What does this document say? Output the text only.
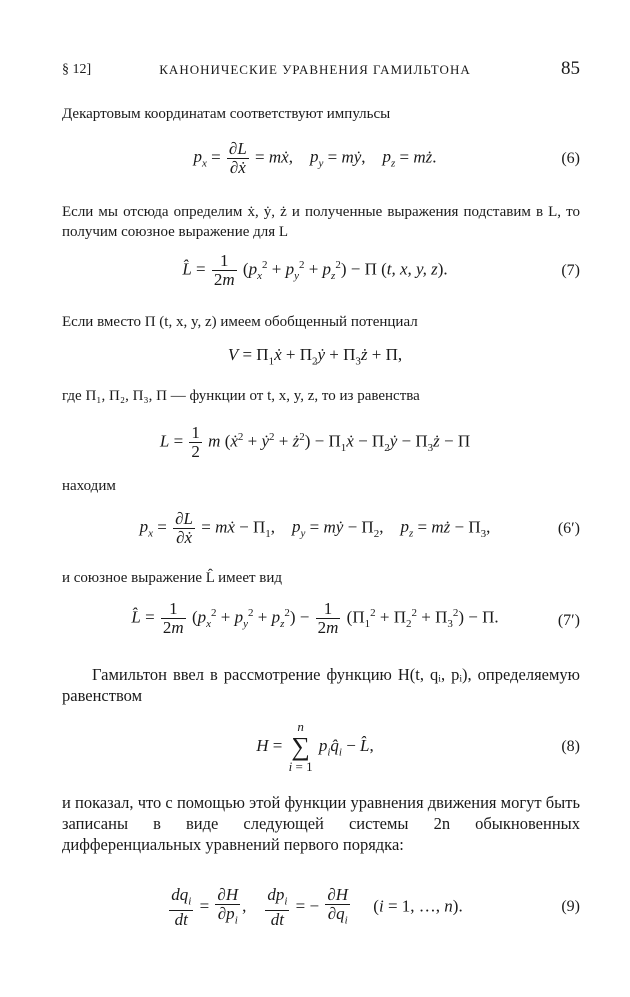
§ 12]	КАНОНИЧЕСКИЕ УРАВНЕНИЯ ГАМИЛЬТОНА	85
Декартовым координатам соответствуют импульсы
$p_x = \frac{\partial L}{\text{∂ẋ}}$ = mẋ,    $p_y$ = mẏ,    $p_z$ = mż.	(6)
Если мы отсюда определим ẋ, ẏ, ż и полученные выражения подставим в L, то получим союзное выражение для L
L̂ = $\frac{1}{2m} (p_x^2 + p_y^2 + p_z^2) - П$ (t, x, y, z).	(7)
Если вместо П (t, x, y, z) имеем обобщенный потенциал
$V = П_1ẋ$ + $П_2ẏ$ + $П_3ż + П$,
где П₁, П₂, П₃, П — функции от t, x, y, z, то из равенства
$L = \frac{1}{2}$ m (ẋ$^2$ + ẏ$^2$ + $ż^2$) − $П_1ẋ$ − $П_2ẏ$ − $П_3ż - П$
находим
$p_x = \frac{\partial L}{\text{∂ẋ}}$ = mẋ − $П_1$,    $p_y$ = mẏ − $П_2$,    $p_z$ = mż − $П_3$,	(6′)
и союзное выражение L̂ имеет вид
L̂ = $\frac{1}{2m} (p_x^2 + p_y^2 + p_z^2) - \frac{1}{2m} (П_1^2 + П_2^2 + П_3^2) - П$.	(7′)
Гамильтон ввел в рассмотрение функцию H(t, qᵢ, pᵢ), определяемую равенством
H = n
∑
i = 1 $p_iq̂_i$ − L̂,	(8)
и показал, что с помощью этой функции уравнения движения могут быть записаны в виде следующей системы 2n обыкновенных дифференциальных уравнений первого порядка:
$\frac{dq_i}{dt} = \frac{\partial H}{\partial p_i}$ , $\frac{dp_i}{dt}$ = − $\frac{\partial H}{\partial q_i} (i = 1$, …, n).	(9)
